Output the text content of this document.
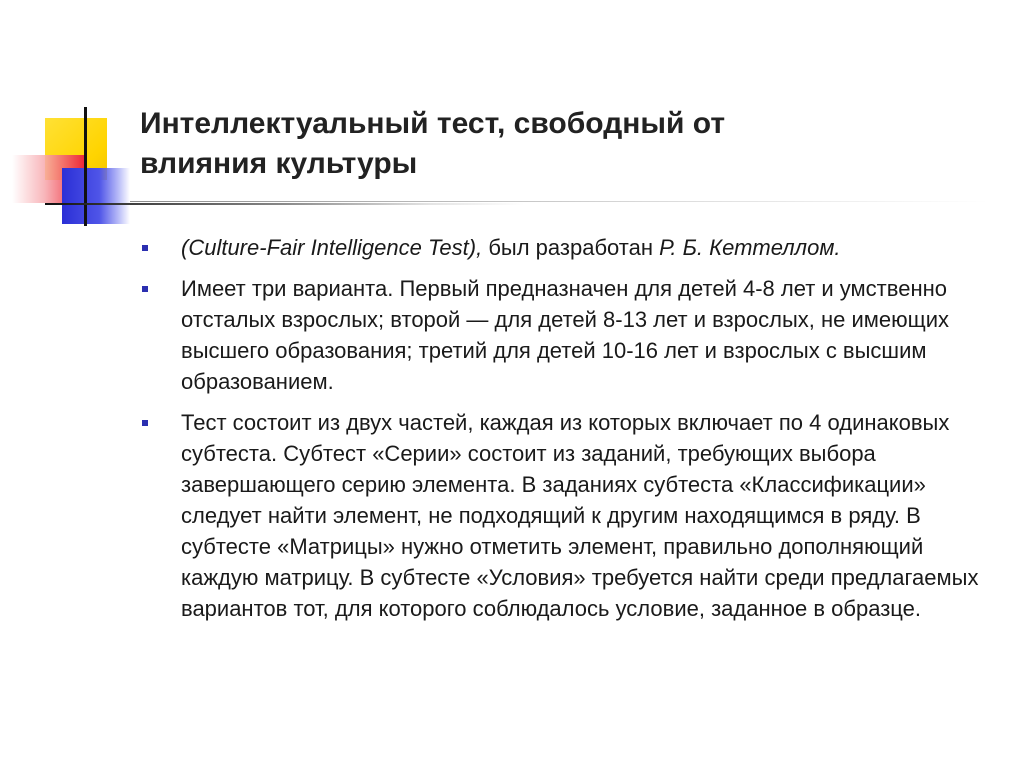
Интеллектуальный тест, свободный от
влияния культуры
(Culture-Fair Intelligence Test), был разработан Р. Б. Кеттеллом.
Имеет три варианта. Первый предназначен для детей 4-8 лет и умственно отсталых взрослых; второй — для детей 8-13 лет и взрослых, не имеющих высшего образования; третий для детей 10-16 лет и взрослых с высшим образованием.
Тест состоит из двух частей, каждая из которых включает по 4 одинаковых субтеста. Субтест «Серии» состоит из заданий, требующих выбора завершающего серию элемента. В заданиях субтеста «Классификации» следует найти элемент, не подходящий к другим находящимся в ряду. В субтесте «Матрицы» нужно отметить элемент, правильно дополняющий каждую матрицу. В субтесте «Условия» требуется найти среди предлагаемых вариантов тот, для которого соблюдалось условие, заданное в образце.
